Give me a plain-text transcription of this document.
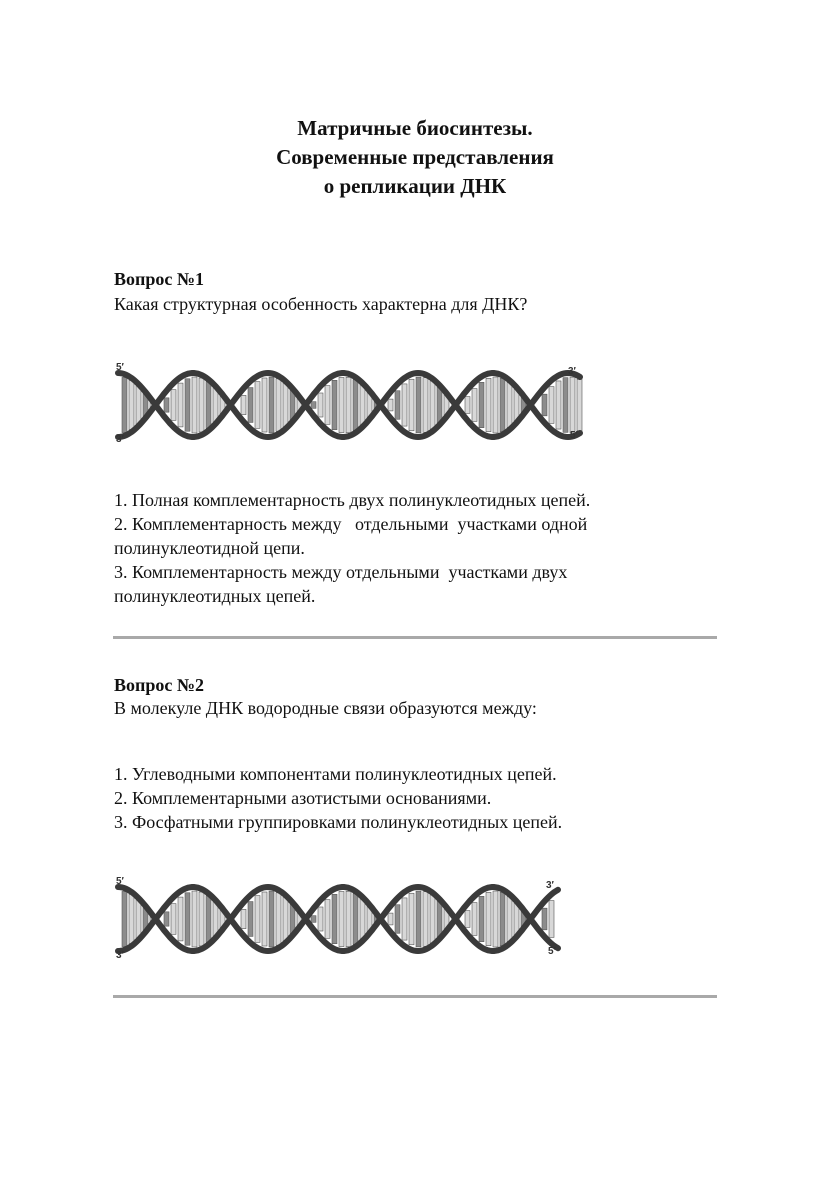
Матричные биосинтезы.
Современные представления
о репликации ДНК
Вопрос №1
Какая структурная особенность характерна для ДНК?
5′	3′
3′	5′
1. Полная комплементарность двух полинуклеотидных цепей.
2. Комплементарность между   отдельными  участками одной полинуклеотидной цепи.
3. Комплементарность между отдельными  участками двух полинуклеотидных цепей.
Вопрос №2
В молекуле ДНК водородные связи образуются между:
1. Углеводными компонентами полинуклеотидных цепей.
2. Комплементарными азотистыми основаниями.
3. Фосфатными группировками полинуклеотидных цепей.
5′	3′
3′	5′
